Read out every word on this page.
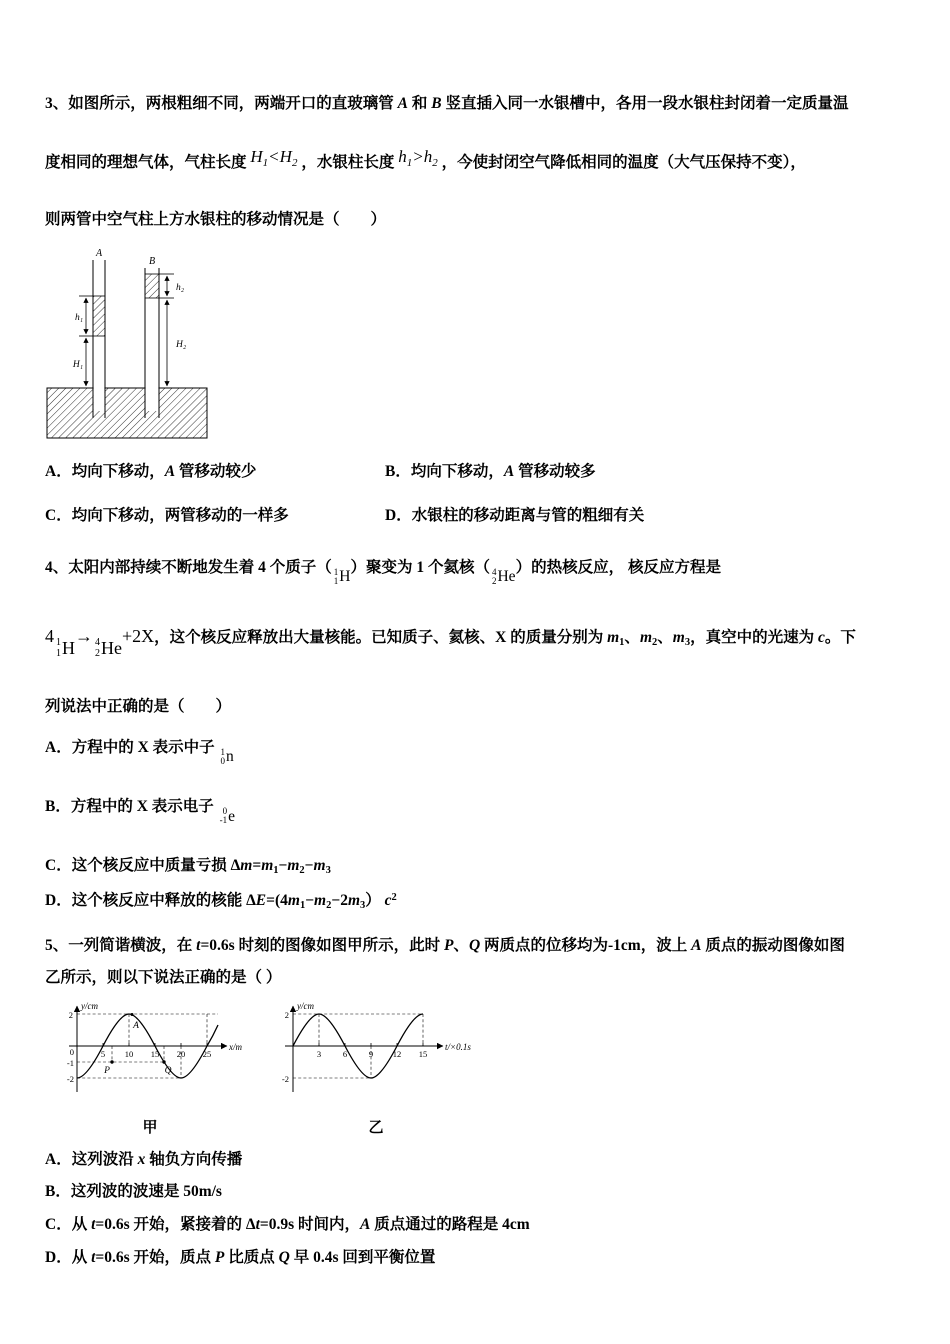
3、如图所示，两根粗细不同，两端开口的直玻璃管 A 和 B 竖直插入同一水银槽中，各用一段水银柱封闭着一定质量温
度相同的理想气体，气柱长度 H1<H2 ，水银柱长度 h1>h2 ，今使封闭空气降低相同的温度（大气压保持不变），
则两管中空气柱上方水银柱的移动情况是（　　）
A
B
h₁
H₁
h₂
H₂
A．均向下移动，A 管移动较少	B．均向下移动，A 管移动较多
C．均向下移动，两管移动的一样多	D．水银柱的移动距离与管的粗细有关
4、太阳内部持续不断地发生着 4 个质子（ 1
1 H
）聚变为 1 个氦核（ 4
2 He
）的热核反应， 核反应方程是
4 1
1 H
→ 4
2 He
+2X，这个核反应释放出大量核能。已知质子、氦核、X 的质量分别为 $m_1$、$m_2$、$m_3$，真空中的光速为 c。下
列说法中正确的是（　　）
A．方程中的 X 表示中子 1
0 n
B．方程中的 X 表示电子 0
-1 e
C．这个核反应中质量亏损 $\Delta m=m_1-m_2-m_3$
D．这个核反应中释放的核能 $\Delta E=(4m_1-m_2-2m_3)$ $c^2$
5、一列简谐横波，在 t=0.6s 时刻的图像如图甲所示，此时 P、Q 两质点的位移均为-1cm，波上 A 质点的振动图像如图
乙所示，则以下说法正确的是（ ）
y/cm
x/m
2
0
-1
-2
5 10 15 20 25
P
A
Q
甲
y/cm
t/×0.1s
2
-2
3	6	9 12 15
乙
A．这列波沿 x 轴负方向传播
B．这列波的波速是 50m/s
C．从 t=0.6s 开始，紧接着的 Δt=0.9s 时间内，A 质点通过的路程是 4cm
D．从 t=0.6s 开始，质点 P 比质点 Q 早 0.4s 回到平衡位置
